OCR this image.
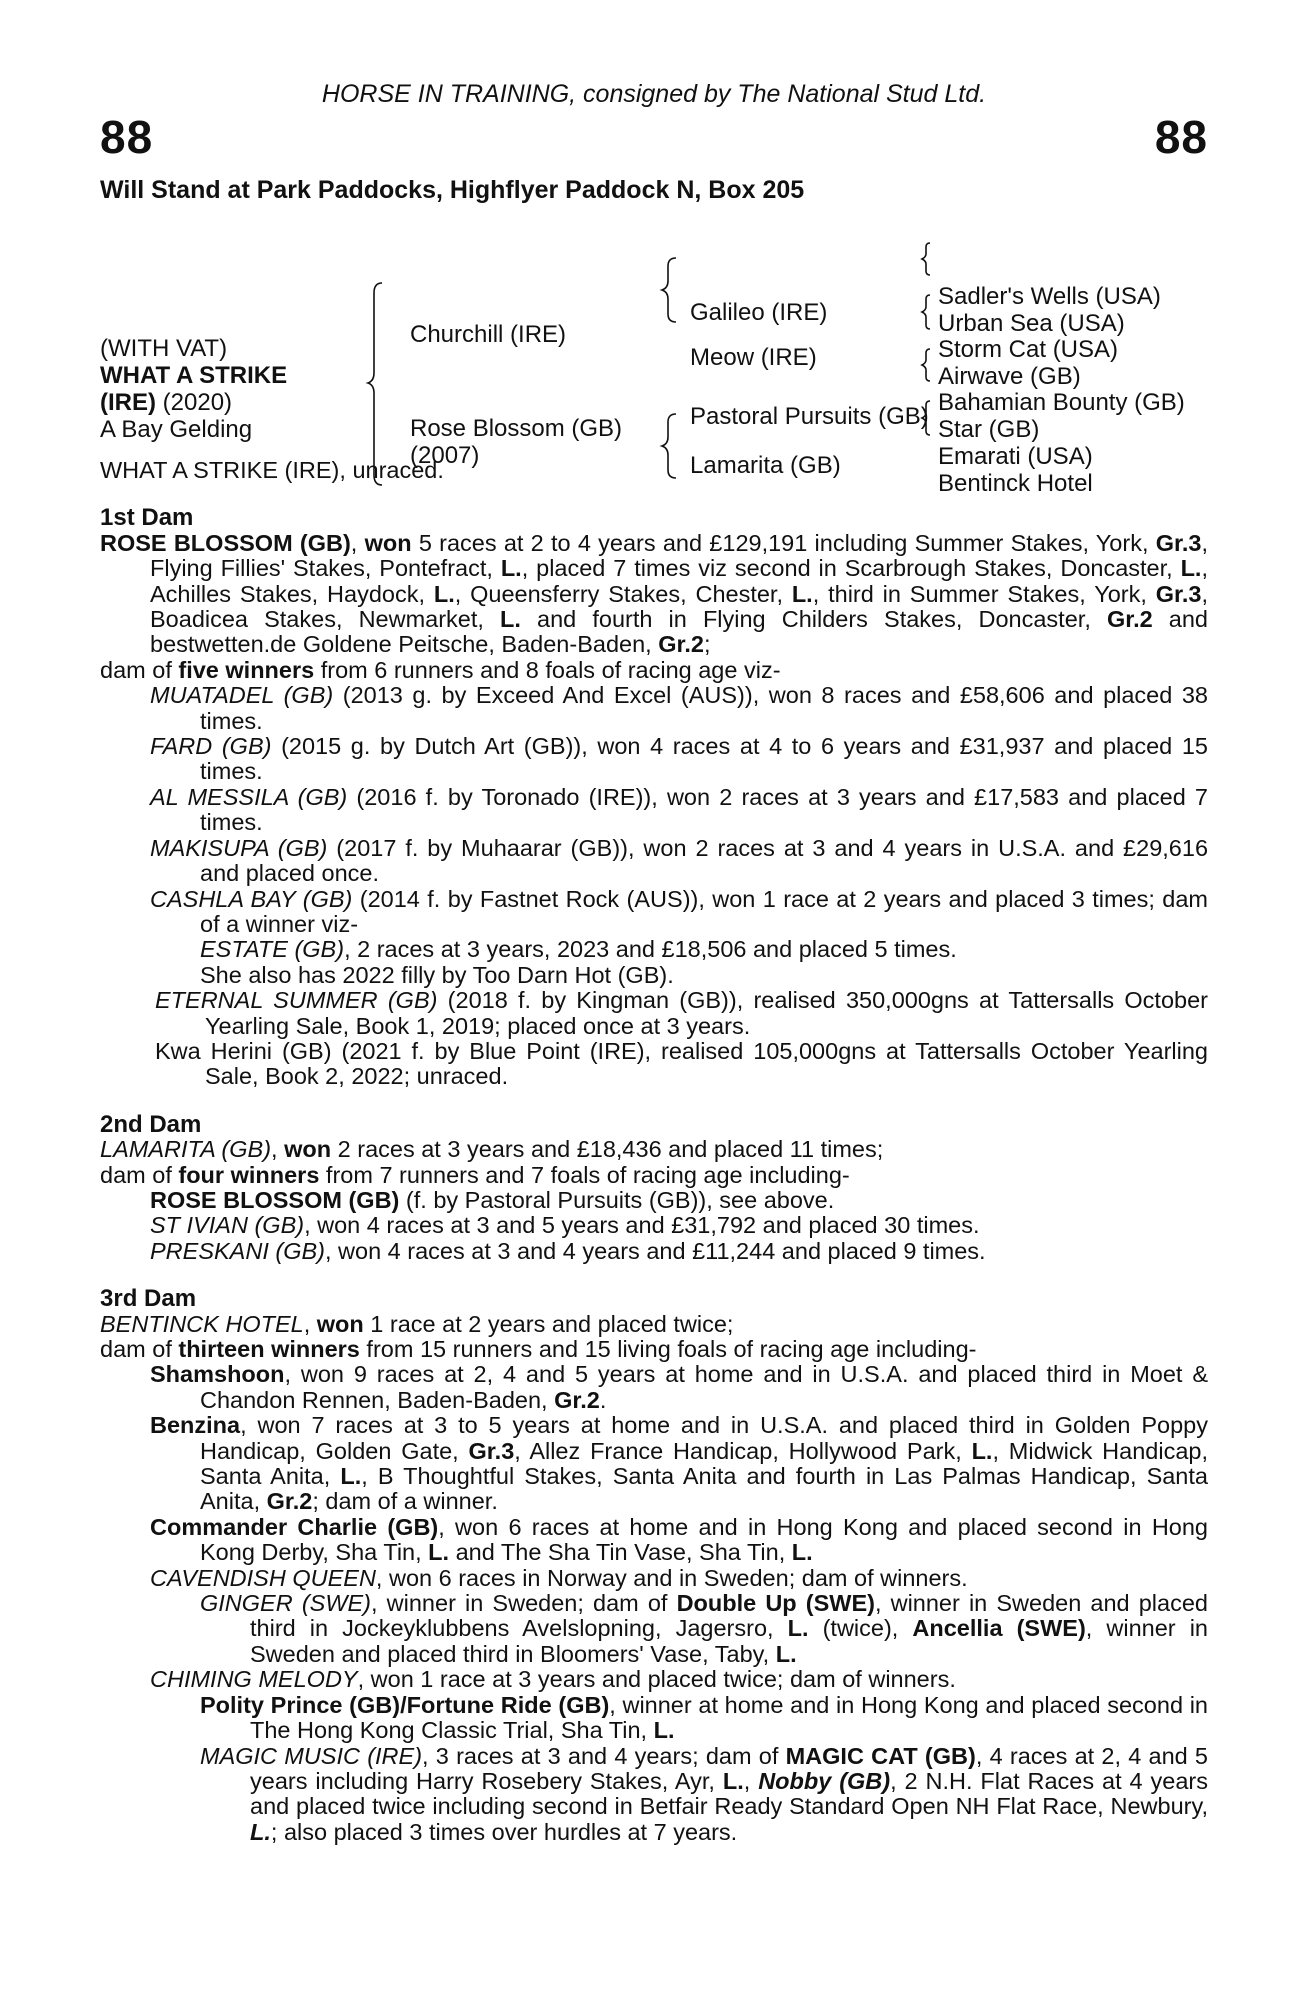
HORSE IN TRAINING, consigned by The National Stud Ltd.
88	88
Will Stand at Park Paddocks, Highflyer Paddock N, Box 205
(WITH VAT)
WHAT A STRIKE
(IRE) (2020)
A Bay Gelding
Churchill (IRE)
Rose Blossom (GB)
(2007)
Galileo (IRE)
Meow (IRE)
Pastoral Pursuits (GB)
Lamarita (GB)
Sadler's Wells (USA)
Urban Sea (USA)
Storm Cat (USA)
Airwave (GB)
Bahamian Bounty (GB)
Star (GB)
Emarati (USA)
Bentinck Hotel
WHAT A STRIKE (IRE), unraced.
1st Dam
ROSE BLOSSOM (GB), won 5 races at 2 to 4 years and £129,191 including Summer Stakes, York, Gr.3, Flying Fillies' Stakes, Pontefract, L., placed 7 times viz second in Scarbrough Stakes, Doncaster, L., Achilles Stakes, Haydock, L., Queensferry Stakes, Chester, L., third in Summer Stakes, York, Gr.3, Boadicea Stakes, Newmarket, L. and fourth in Flying Childers Stakes, Doncaster, Gr.2 and bestwetten.de Goldene Peitsche, Baden-Baden, Gr.2;
dam of five winners from 6 runners and 8 foals of racing age viz-
MUATADEL (GB) (2013 g. by Exceed And Excel (AUS)), won 8 races and £58,606 and placed 38 times.
FARD (GB) (2015 g. by Dutch Art (GB)), won 4 races at 4 to 6 years and £31,937 and placed 15 times.
AL MESSILA (GB) (2016 f. by Toronado (IRE)), won 2 races at 3 years and £17,583 and placed 7 times.
MAKISUPA (GB) (2017 f. by Muhaarar (GB)), won 2 races at 3 and 4 years in U.S.A. and £29,616 and placed once.
CASHLA BAY (GB) (2014 f. by Fastnet Rock (AUS)), won 1 race at 2 years and placed 3 times; dam of a winner viz-
ESTATE (GB), 2 races at 3 years, 2023 and £18,506 and placed 5 times.
She also has 2022 filly by Too Darn Hot (GB).
ETERNAL SUMMER (GB) (2018 f. by Kingman (GB)), realised 350,000gns at Tattersalls October Yearling Sale, Book 1, 2019; placed once at 3 years.
Kwa Herini (GB) (2021 f. by Blue Point (IRE), realised 105,000gns at Tattersalls October Yearling Sale, Book 2, 2022; unraced.
2nd Dam
LAMARITA (GB), won 2 races at 3 years and £18,436 and placed 11 times;
dam of four winners from 7 runners and 7 foals of racing age including-
ROSE BLOSSOM (GB) (f. by Pastoral Pursuits (GB)), see above.
ST IVIAN (GB), won 4 races at 3 and 5 years and £31,792 and placed 30 times.
PRESKANI (GB), won 4 races at 3 and 4 years and £11,244 and placed 9 times.
3rd Dam
BENTINCK HOTEL, won 1 race at 2 years and placed twice;
dam of thirteen winners from 15 runners and 15 living foals of racing age including-
Shamshoon, won 9 races at 2, 4 and 5 years at home and in U.S.A. and placed third in Moet & Chandon Rennen, Baden-Baden, Gr.2.
Benzina, won 7 races at 3 to 5 years at home and in U.S.A. and placed third in Golden Poppy Handicap, Golden Gate, Gr.3, Allez France Handicap, Hollywood Park, L., Midwick Handicap, Santa Anita, L., B Thoughtful Stakes, Santa Anita and fourth in Las Palmas Handicap, Santa Anita, Gr.2; dam of a winner.
Commander Charlie (GB), won 6 races at home and in Hong Kong and placed second in Hong Kong Derby, Sha Tin, L. and The Sha Tin Vase, Sha Tin, L.
CAVENDISH QUEEN, won 6 races in Norway and in Sweden; dam of winners.
GINGER (SWE), winner in Sweden; dam of Double Up (SWE), winner in Sweden and placed third in Jockeyklubbens Avelslopning, Jagersro, L. (twice), Ancellia (SWE), winner in Sweden and placed third in Bloomers' Vase, Taby, L.
CHIMING MELODY, won 1 race at 3 years and placed twice; dam of winners.
Polity Prince (GB)/Fortune Ride (GB), winner at home and in Hong Kong and placed second in The Hong Kong Classic Trial, Sha Tin, L.
MAGIC MUSIC (IRE), 3 races at 3 and 4 years; dam of MAGIC CAT (GB), 4 races at 2, 4 and 5 years including Harry Rosebery Stakes, Ayr, L., Nobby (GB), 2 N.H. Flat Races at 4 years and placed twice including second in Betfair Ready Standard Open NH Flat Race, Newbury, L.; also placed 3 times over hurdles at 7 years.
